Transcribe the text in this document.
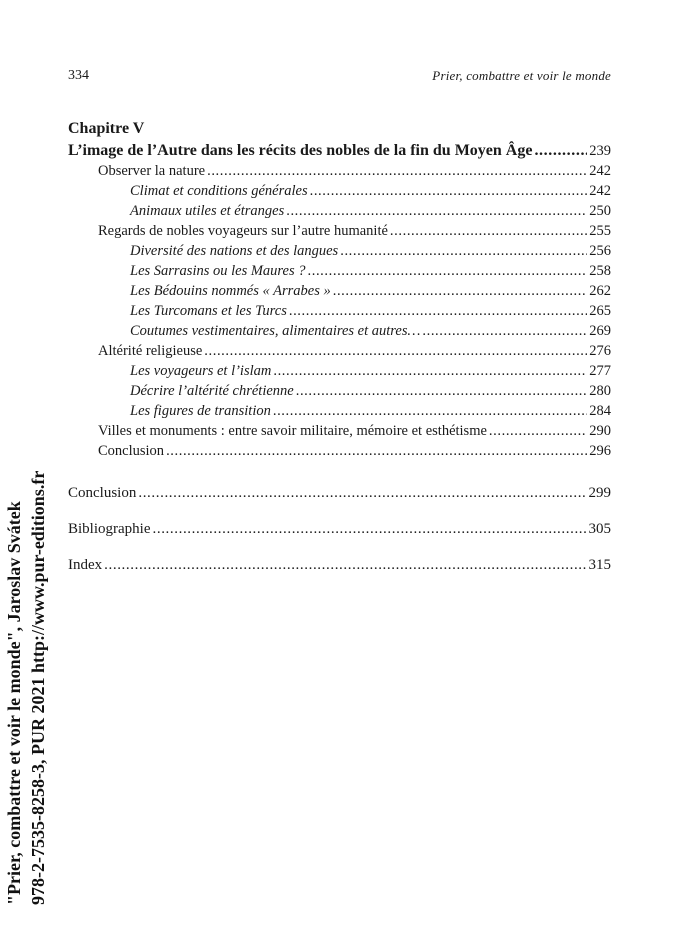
334	Prier, combattre et voir le monde
Chapitre V
L’image de l’Autre dans les récits des nobles de la fin du Moyen Âge .....	239
Observer la nature .....	242
Climat et conditions générales .....	242
Animaux utiles et étranges .....	250
Regards de nobles voyageurs sur l’autre humanité .....	255
Diversité des nations et des langues .....	256
Les Sarrasins ou les Maures ? .....	258
Les Bédouins nommés « Arrabes » .....	262
Les Turcomans et les Turcs .....	265
Coutumes vestimentaires, alimentaires et autres… .....	269
Altérité religieuse .....	276
Les voyageurs et l’islam .....	277
Décrire l’altérité chrétienne .....	280
Les figures de transition .....	284
Villes et monuments : entre savoir militaire, mémoire et esthétisme .....	290
Conclusion .....	296
Conclusion .....	299
Bibliographie .....	305
Index .....	315
"Prier, combattre et voir le monde", Jaroslav Svátek 978-2-7535-8258-3, PUR 2021 http://www.pur-editions.fr
